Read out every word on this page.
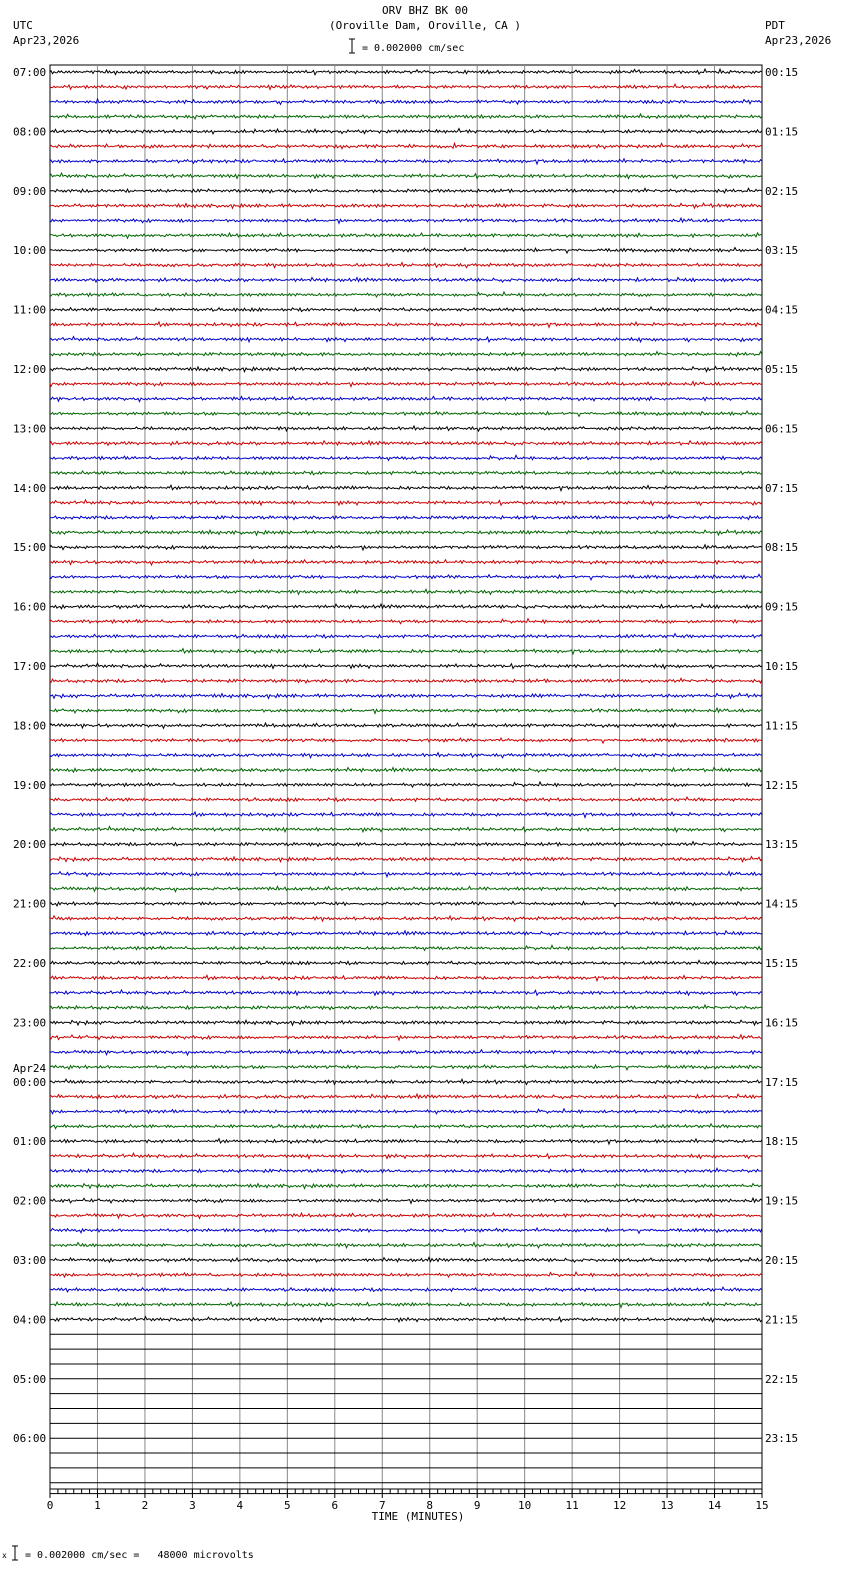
ORV BHZ BK 00
(Oroville Dam, Oroville, CA )
UTC
Apr23,2026
PDT
Apr23,2026
= 0.002000 cm/sec
x = 0.002000 cm/sec =   48000 microvolts
TIME (MINUTES)
07:00
08:00
09:00
10:00
11:00
12:00
13:00
14:00
15:00
16:00
17:00
18:00
19:00
20:00
21:00
22:00
23:00
00:00
01:00
02:00
03:00
04:00
05:00
06:00
00:15
01:15
02:15
03:15
04:15
05:15
06:15
07:15
08:15
09:15
10:15
11:15
12:15
13:15
14:15
15:15
16:15
17:15
18:15
19:15
20:15
21:15
22:15
23:15
Apr24
0	1	2	3	4	5	6	7	8	9	10	11	12	13	14	15
